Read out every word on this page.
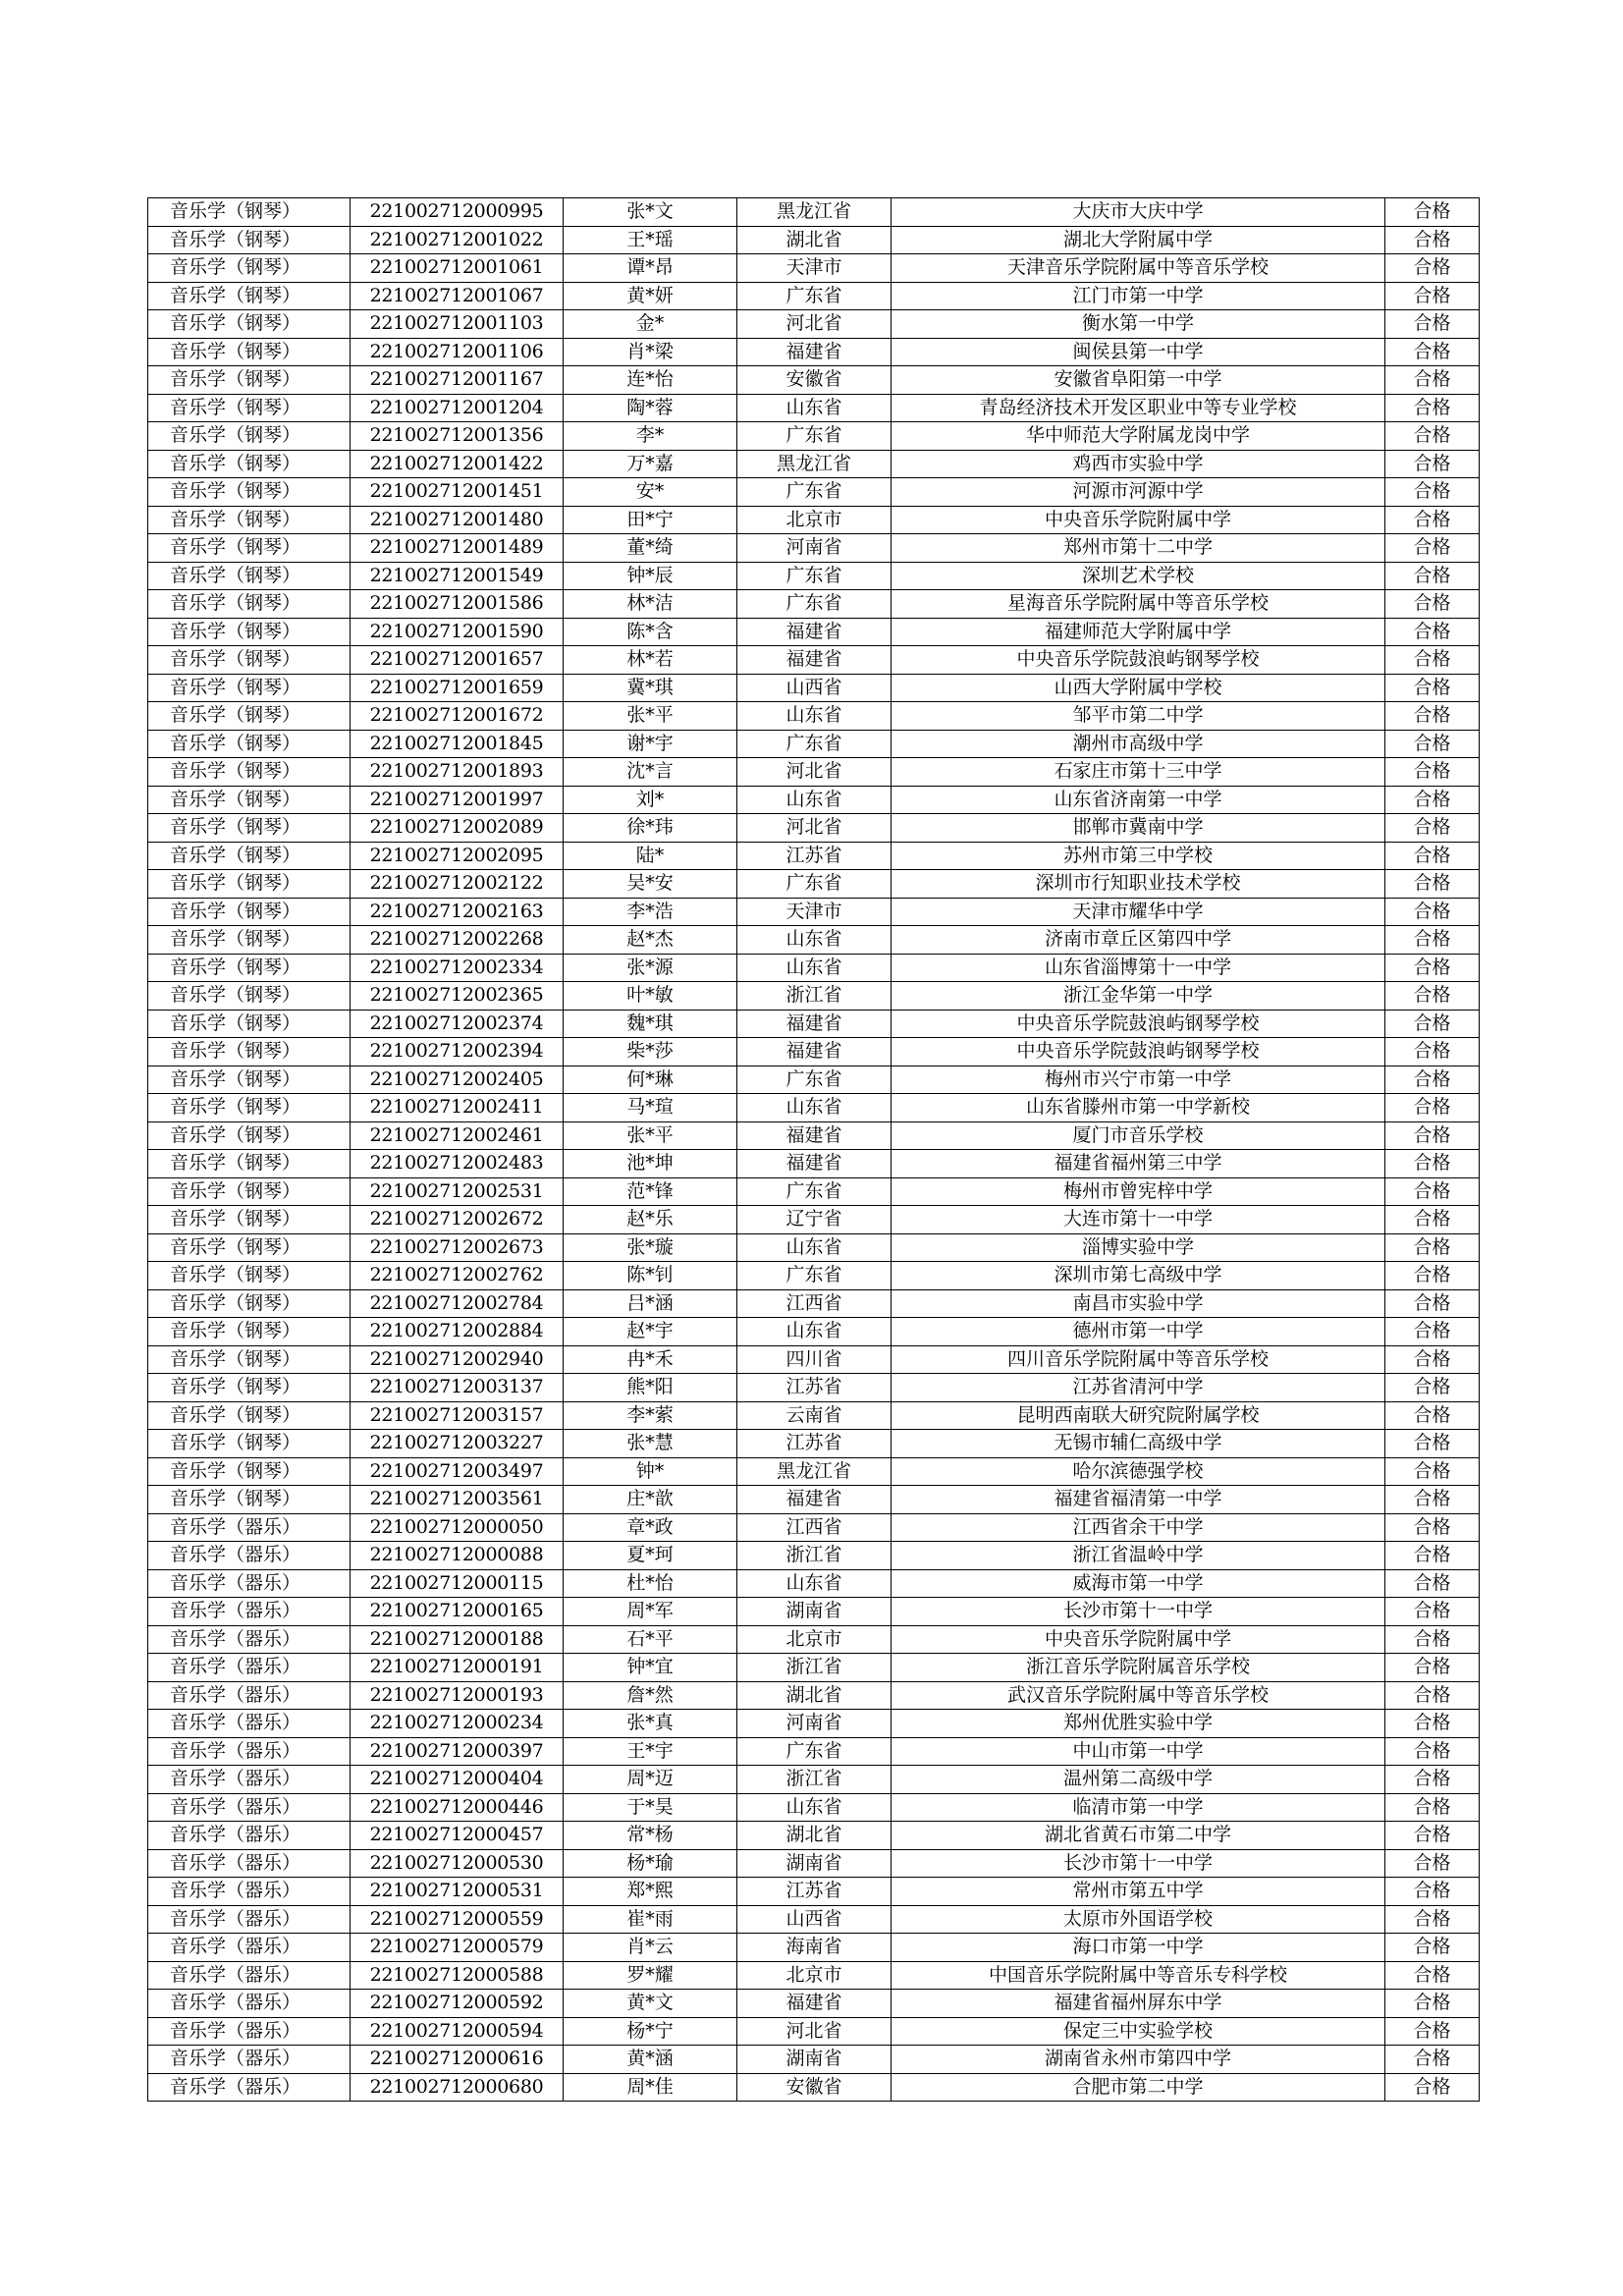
音乐学（钢琴）	221002712000995	张*文	黑龙江省	大庆市大庆中学	合格
音乐学（钢琴）	221002712001022	王*瑶	湖北省	湖北大学附属中学	合格
音乐学（钢琴）	221002712001061	谭*昂	天津市	天津音乐学院附属中等音乐学校	合格
音乐学（钢琴）	221002712001067	黄*妍	广东省	江门市第一中学	合格
音乐学（钢琴）	221002712001103	金*	河北省	衡水第一中学	合格
音乐学（钢琴）	221002712001106	肖*梁	福建省	闽侯县第一中学	合格
音乐学（钢琴）	221002712001167	连*怡	安徽省	安徽省阜阳第一中学	合格
音乐学（钢琴）	221002712001204	陶*蓉	山东省	青岛经济技术开发区职业中等专业学校	合格
音乐学（钢琴）	221002712001356	李*	广东省	华中师范大学附属龙岗中学	合格
音乐学（钢琴）	221002712001422	万*嘉	黑龙江省	鸡西市实验中学	合格
音乐学（钢琴）	221002712001451	安*	广东省	河源市河源中学	合格
音乐学（钢琴）	221002712001480	田*宁	北京市	中央音乐学院附属中学	合格
音乐学（钢琴）	221002712001489	董*绮	河南省	郑州市第十二中学	合格
音乐学（钢琴）	221002712001549	钟*辰	广东省	深圳艺术学校	合格
音乐学（钢琴）	221002712001586	林*洁	广东省	星海音乐学院附属中等音乐学校	合格
音乐学（钢琴）	221002712001590	陈*含	福建省	福建师范大学附属中学	合格
音乐学（钢琴）	221002712001657	林*若	福建省	中央音乐学院鼓浪屿钢琴学校	合格
音乐学（钢琴）	221002712001659	冀*琪	山西省	山西大学附属中学校	合格
音乐学（钢琴）	221002712001672	张*平	山东省	邹平市第二中学	合格
音乐学（钢琴）	221002712001845	谢*宇	广东省	潮州市高级中学	合格
音乐学（钢琴）	221002712001893	沈*言	河北省	石家庄市第十三中学	合格
音乐学（钢琴）	221002712001997	刘*	山东省	山东省济南第一中学	合格
音乐学（钢琴）	221002712002089	徐*玮	河北省	邯郸市冀南中学	合格
音乐学（钢琴）	221002712002095	陆*	江苏省	苏州市第三中学校	合格
音乐学（钢琴）	221002712002122	吴*安	广东省	深圳市行知职业技术学校	合格
音乐学（钢琴）	221002712002163	李*浩	天津市	天津市耀华中学	合格
音乐学（钢琴）	221002712002268	赵*杰	山东省	济南市章丘区第四中学	合格
音乐学（钢琴）	221002712002334	张*源	山东省	山东省淄博第十一中学	合格
音乐学（钢琴）	221002712002365	叶*敏	浙江省	浙江金华第一中学	合格
音乐学（钢琴）	221002712002374	魏*琪	福建省	中央音乐学院鼓浪屿钢琴学校	合格
音乐学（钢琴）	221002712002394	柴*莎	福建省	中央音乐学院鼓浪屿钢琴学校	合格
音乐学（钢琴）	221002712002405	何*琳	广东省	梅州市兴宁市第一中学	合格
音乐学（钢琴）	221002712002411	马*瑄	山东省	山东省滕州市第一中学新校	合格
音乐学（钢琴）	221002712002461	张*平	福建省	厦门市音乐学校	合格
音乐学（钢琴）	221002712002483	池*坤	福建省	福建省福州第三中学	合格
音乐学（钢琴）	221002712002531	范*锋	广东省	梅州市曾宪梓中学	合格
音乐学（钢琴）	221002712002672	赵*乐	辽宁省	大连市第十一中学	合格
音乐学（钢琴）	221002712002673	张*璇	山东省	淄博实验中学	合格
音乐学（钢琴）	221002712002762	陈*钊	广东省	深圳市第七高级中学	合格
音乐学（钢琴）	221002712002784	吕*涵	江西省	南昌市实验中学	合格
音乐学（钢琴）	221002712002884	赵*宇	山东省	德州市第一中学	合格
音乐学（钢琴）	221002712002940	冉*禾	四川省	四川音乐学院附属中等音乐学校	合格
音乐学（钢琴）	221002712003137	熊*阳	江苏省	江苏省清河中学	合格
音乐学（钢琴）	221002712003157	李*萦	云南省	昆明西南联大研究院附属学校	合格
音乐学（钢琴）	221002712003227	张*慧	江苏省	无锡市辅仁高级中学	合格
音乐学（钢琴）	221002712003497	钟*	黑龙江省	哈尔滨德强学校	合格
音乐学（钢琴）	221002712003561	庄*歆	福建省	福建省福清第一中学	合格
音乐学（器乐）	221002712000050	章*政	江西省	江西省余干中学	合格
音乐学（器乐）	221002712000088	夏*珂	浙江省	浙江省温岭中学	合格
音乐学（器乐）	221002712000115	杜*怡	山东省	威海市第一中学	合格
音乐学（器乐）	221002712000165	周*军	湖南省	长沙市第十一中学	合格
音乐学（器乐）	221002712000188	石*平	北京市	中央音乐学院附属中学	合格
音乐学（器乐）	221002712000191	钟*宜	浙江省	浙江音乐学院附属音乐学校	合格
音乐学（器乐）	221002712000193	詹*然	湖北省	武汉音乐学院附属中等音乐学校	合格
音乐学（器乐）	221002712000234	张*真	河南省	郑州优胜实验中学	合格
音乐学（器乐）	221002712000397	王*宇	广东省	中山市第一中学	合格
音乐学（器乐）	221002712000404	周*迈	浙江省	温州第二高级中学	合格
音乐学（器乐）	221002712000446	于*昊	山东省	临清市第一中学	合格
音乐学（器乐）	221002712000457	常*杨	湖北省	湖北省黄石市第二中学	合格
音乐学（器乐）	221002712000530	杨*瑜	湖南省	长沙市第十一中学	合格
音乐学（器乐）	221002712000531	郑*熙	江苏省	常州市第五中学	合格
音乐学（器乐）	221002712000559	崔*雨	山西省	太原市外国语学校	合格
音乐学（器乐）	221002712000579	肖*云	海南省	海口市第一中学	合格
音乐学（器乐）	221002712000588	罗*耀	北京市	中国音乐学院附属中等音乐专科学校	合格
音乐学（器乐）	221002712000592	黄*文	福建省	福建省福州屏东中学	合格
音乐学（器乐）	221002712000594	杨*宁	河北省	保定三中实验学校	合格
音乐学（器乐）	221002712000616	黄*涵	湖南省	湖南省永州市第四中学	合格
音乐学（器乐）	221002712000680	周*佳	安徽省	合肥市第二中学	合格
